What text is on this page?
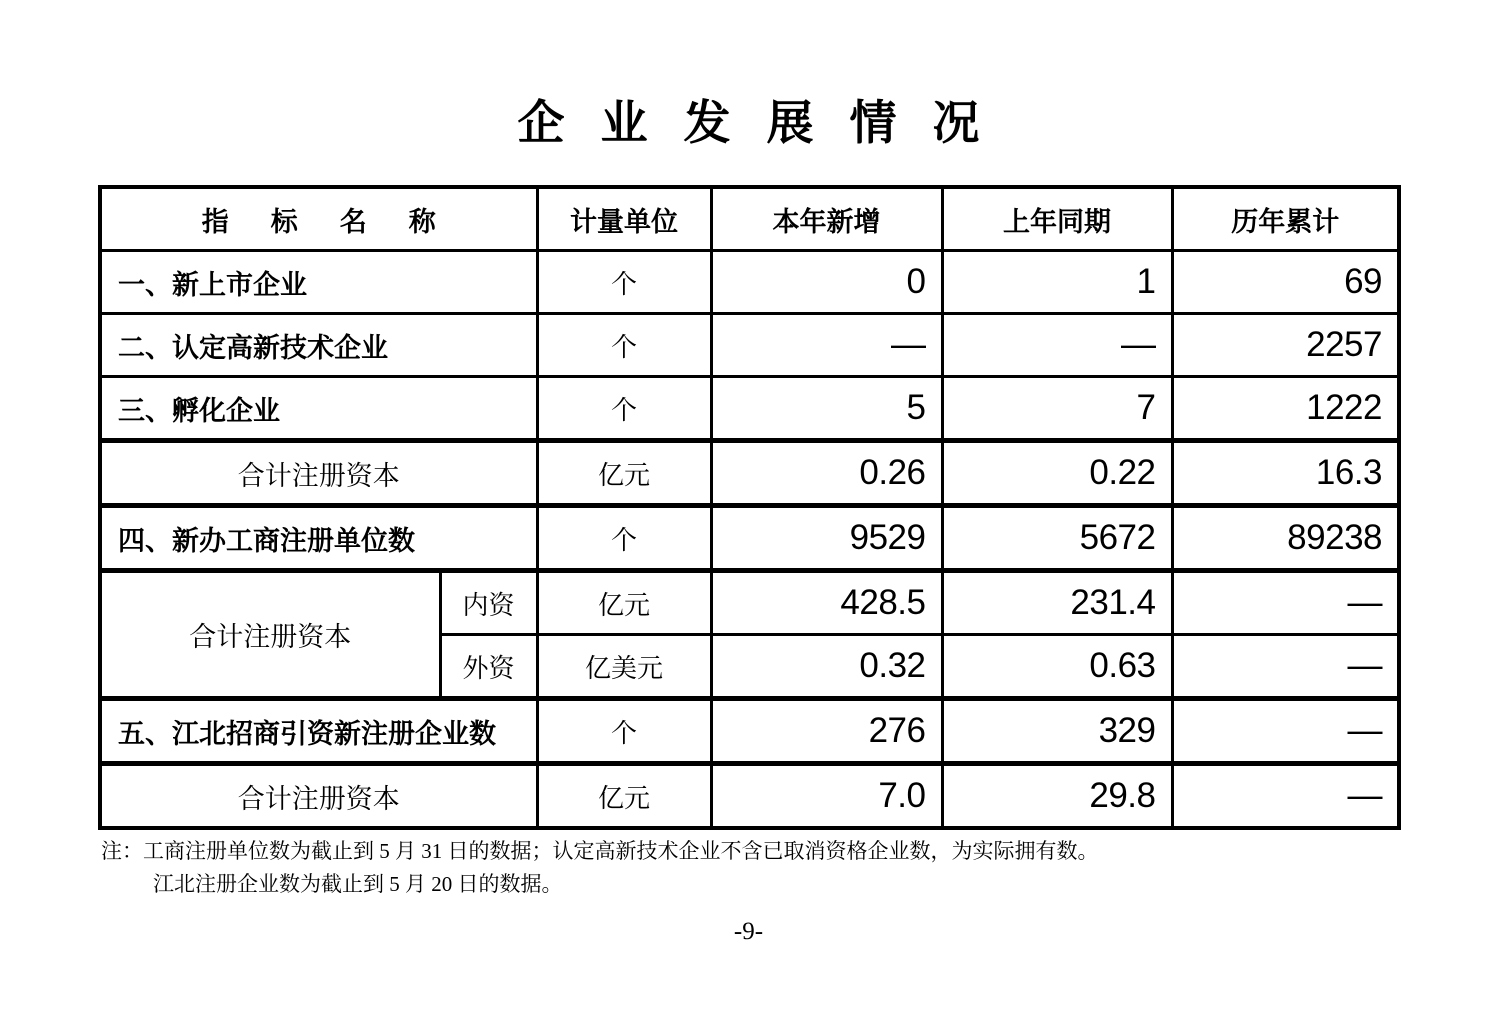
企业发展情况
指标名称		计量单位	本年新增	上年同期	历年累计
一、新上市企业		个	0	1	69
二、认定高新技术企业		个	—	—	2257
三、孵化企业		个	5	7	1222
合计注册资本		亿元	0.26	0.22	16.3
四、新办工商注册单位数		个	9529	5672	89238
合计注册资本	内资	亿元	428.5	231.4	—
	外资	亿美元	0.32	0.63	—
五、江北招商引资新注册企业数		个	276	329	—
合计注册资本		亿元	7.0	29.8	—
注：工商注册单位数为截止到 5 月 31 日的数据；认定高新技术企业不含已取消资格企业数，为实际拥有数。
江北注册企业数为截止到 5 月 20 日的数据。
-9-
